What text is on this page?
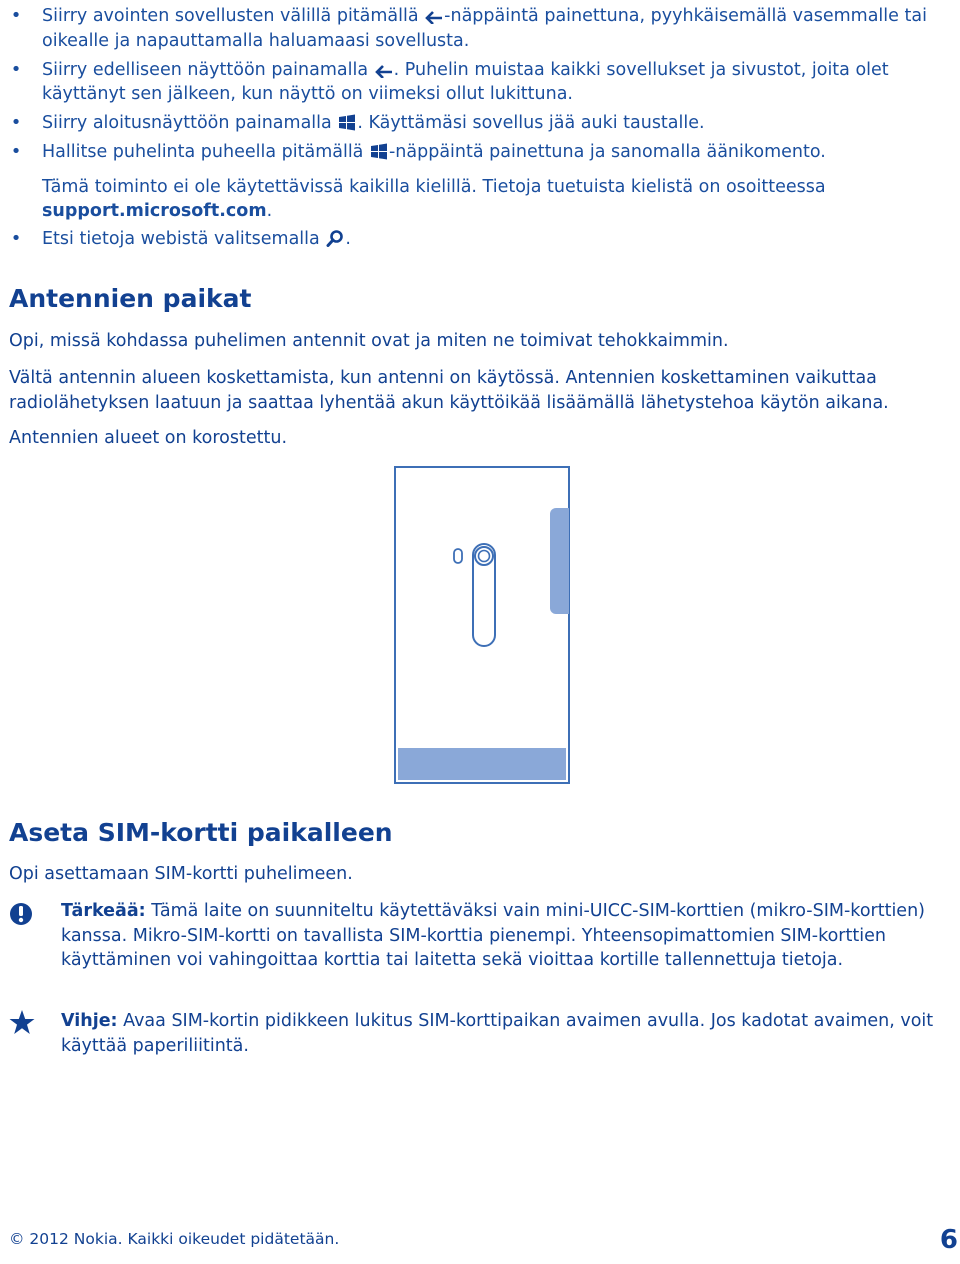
• Siirry avointen sovellusten välillä pitämällä
-näppäintä painettuna, pyyhkäisemällä vasemmalle tai oikealle ja napauttamalla haluamaasi sovellusta.
• Siirry edelliseen näyttöön painamalla
. Puhelin muistaa kaikki sovellukset ja sivustot, joita olet käyttänyt sen jälkeen, kun näyttö on viimeksi ollut lukittuna.
• Siirry aloitusnäyttöön painamalla
. Käyttämäsi sovellus jää auki taustalle.
• Hallitse puhelinta puheella pitämällä
-näppäintä painettuna ja sanomalla äänikomento.
Tämä toiminto ei ole käytettävissä kaikilla kielillä. Tietoja tuetuista kielistä on osoitteessa support.microsoft.com.
• Etsi tietoja webistä valitsemalla
.
Antennien paikat

Opi, missä kohdassa puhelimen antennit ovat ja miten ne toimivat tehokkaimmin.

Vältä antennin alueen koskettamista, kun antenni on käytössä. Antennien koskettaminen vaikuttaa radiolähetyksen laatuun ja saattaa lyhentää akun käyttöikää lisäämällä lähetystehoa käytön aikana.

Antennien alueet on korostettu.

Aseta SIM-kortti paikalleen

Opi asettamaan SIM-kortti puhelimeen.

Tärkeää: Tämä laite on suunniteltu käytettäväksi vain mini-UICC-SIM-korttien (mikro-SIM-korttien) kanssa. Mikro-SIM-kortti on tavallista SIM-korttia pienempi. Yhteensopimattomien SIM-korttien käyttäminen voi vahingoittaa korttia tai laitetta sekä vioittaa kortille tallennettuja tietoja.
Vihje: Avaa SIM-kortin pidikkeen lukitus SIM-korttipaikan avaimen avulla. Jos kadotat avaimen, voit käyttää paperiliitintä.
© 2012 Nokia. Kaikki oikeudet pidätetään.	6
